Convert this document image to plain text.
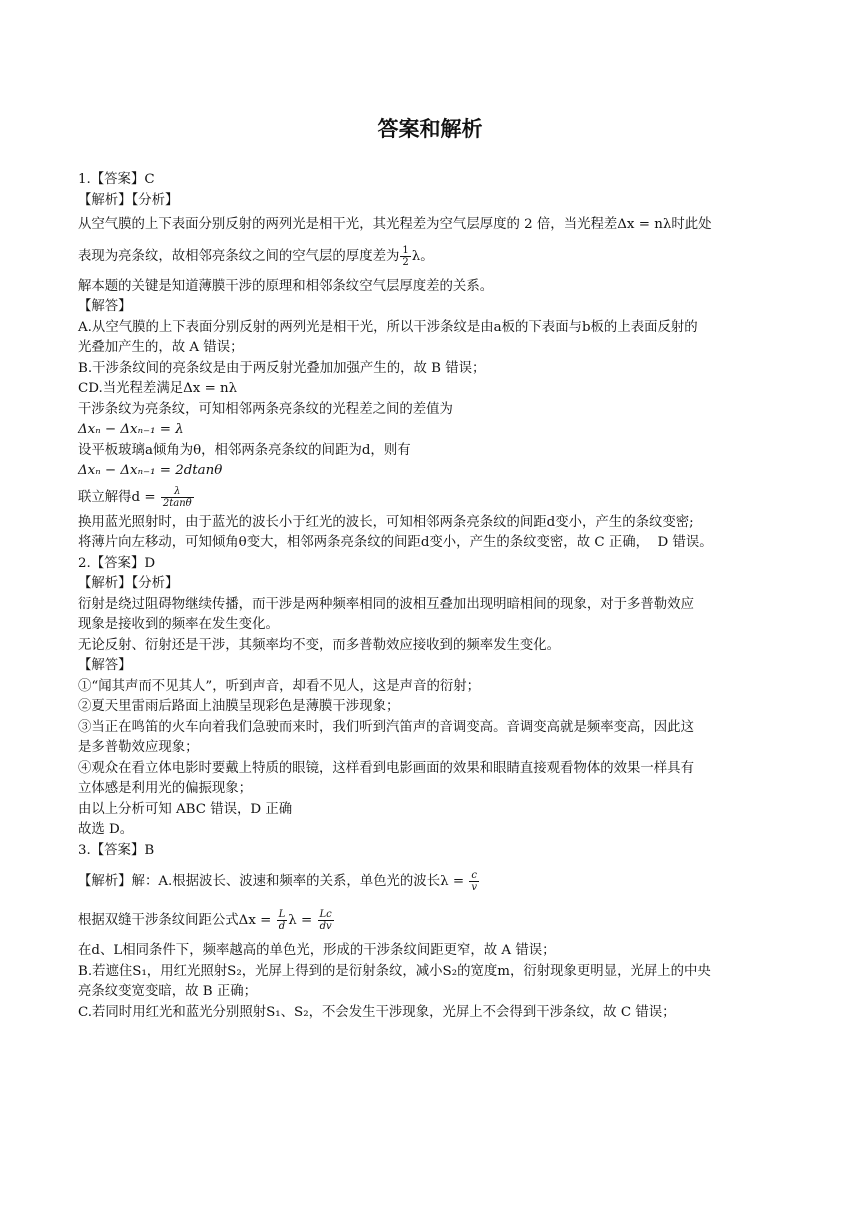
答案和解析

1.【答案】C

【解析】【分析】

从空气膜的上下表面分别反射的两列光是相干光，其光程差为空气层厚度的 2 倍，当光程差Δx = nλ时此处

表现为亮条纹，故相邻亮条纹之间的空气层的厚度差为 $\frac{1}{2}$ λ。

解本题的关键是知道薄膜干涉的原理和相邻条纹空气层厚度差的关系。

【解答】

A.从空气膜的上下表面分别反射的两列光是相干光，所以干涉条纹是由a板的下表面与b板的上表面反射的

光叠加产生的，故 A 错误；

B.干涉条纹间的亮条纹是由于两反射光叠加加强产生的，故 B 错误；

CD.当光程差满足Δx = nλ

干涉条纹为亮条纹，可知相邻两条亮条纹的光程差之间的差值为

Δxₙ − Δxₙ₋₁ = λ

设平板玻璃a倾角为θ，相邻两条亮条纹的间距为d，则有

Δxₙ − Δxₙ₋₁ = 2dtanθ

联立解得$d = \frac{\lambda}{2\tan\theta}$

换用蓝光照射时，由于蓝光的波长小于红光的波长，可知相邻两条亮条纹的间距d变小，产生的条纹变密;

将薄片向左移动，可知倾角θ变大，相邻两条亮条纹的间距d变小，产生的条纹变密，故 C 正确，  D 错误。

2.【答案】D

【解析】【分析】

衍射是绕过阻碍物继续传播，而干涉是两种频率相同的波相互叠加出现明暗相间的现象，对于多普勒效应

现象是接收到的频率在发生变化。

无论反射、衍射还是干涉，其频率均不变，而多普勒效应接收到的频率发生变化。

【解答】

①“闻其声而不见其人”，听到声音，却看不见人，这是声音的衍射；

②夏天里雷雨后路面上油膜呈现彩色是薄膜干涉现象；

③当正在鸣笛的火车向着我们急驶而来时，我们听到汽笛声的音调变高。音调变高就是频率变高，因此这

是多普勒效应现象；

④观众在看立体电影时要戴上特质的眼镜，这样看到电影画面的效果和眼睛直接观看物体的效果一样具有

立体感是利用光的偏振现象；

由以上分析可知 ABC 错误，D 正确

故选 D。

3.【答案】B

【解析】解：A.根据波长、波速和频率的关系，单色光的波长$\lambda = \frac{c}{v}$

根据双缝干涉条纹间距公式$\Delta x = \frac{L}{d}$ $\lambda = \frac{Lc}{dv}$

在d、L相同条件下，频率越高的单色光，形成的干涉条纹间距更窄，故 A 错误；

B.若遮住S₁，用红光照射S₂，光屏上得到的是衍射条纹，减小S₂的宽度m，衍射现象更明显，光屏上的中央

亮条纹变宽变暗，故 B 正确；

C.若同时用红光和蓝光分别照射S₁、S₂，不会发生干涉现象，光屏上不会得到干涉条纹，故 C 错误；
